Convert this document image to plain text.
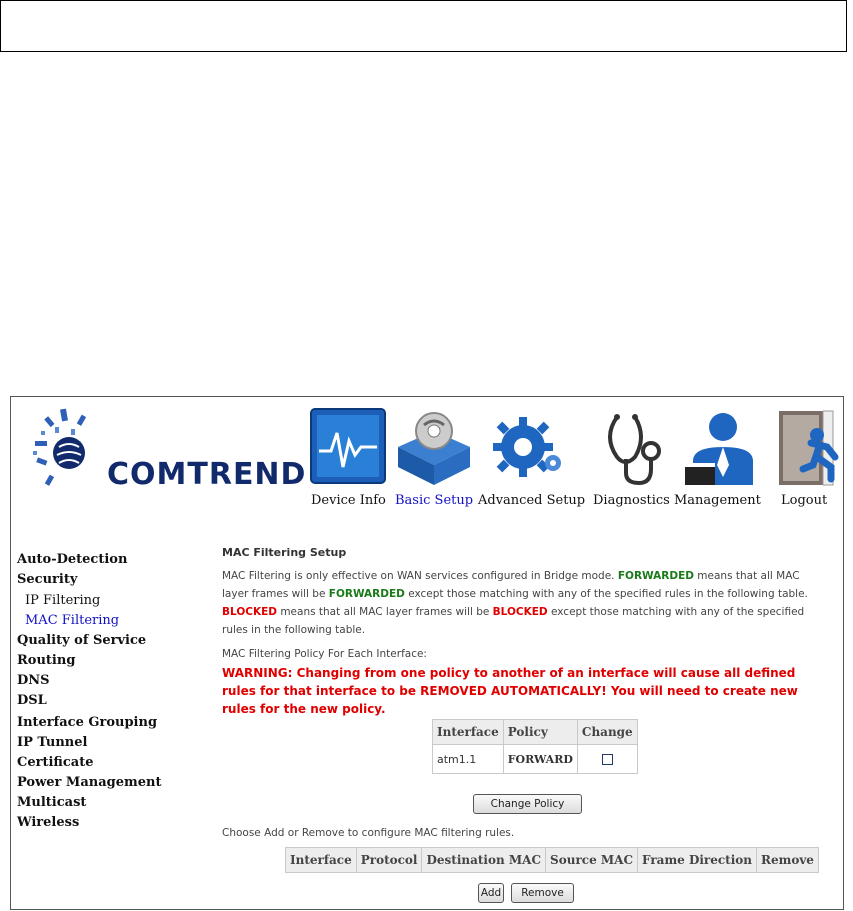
COMTREND
Device Info Basic Setup Advanced Setup Diagnostics Management Logout
Auto-Detection
Security
IP Filtering
MAC Filtering
Quality of Service
Routing
DNS
DSL
Interface Grouping
IP Tunnel
Certificate
Power Management
Multicast
Wireless
MAC Filtering Setup
MAC Filtering is only effective on WAN services configured in Bridge mode. FORWARDED means that all MAC layer frames will be FORWARDED except those matching with any of the specified rules in the following table. BLOCKED means that all MAC layer frames will be BLOCKED except those matching with any of the specified rules in the following table.
MAC Filtering Policy For Each Interface:
WARNING: Changing from one policy to another of an interface will cause all defined rules for that interface to be REMOVED AUTOMATICALLY! You will need to create new rules for the new policy.
Interface	Policy	Change
atm1.1	FORWARD	
Change Policy
Choose Add or Remove to configure MAC filtering rules.
Interface	Protocol	Destination MAC	Source MAC	Frame Direction	Remove
Add	Remove
